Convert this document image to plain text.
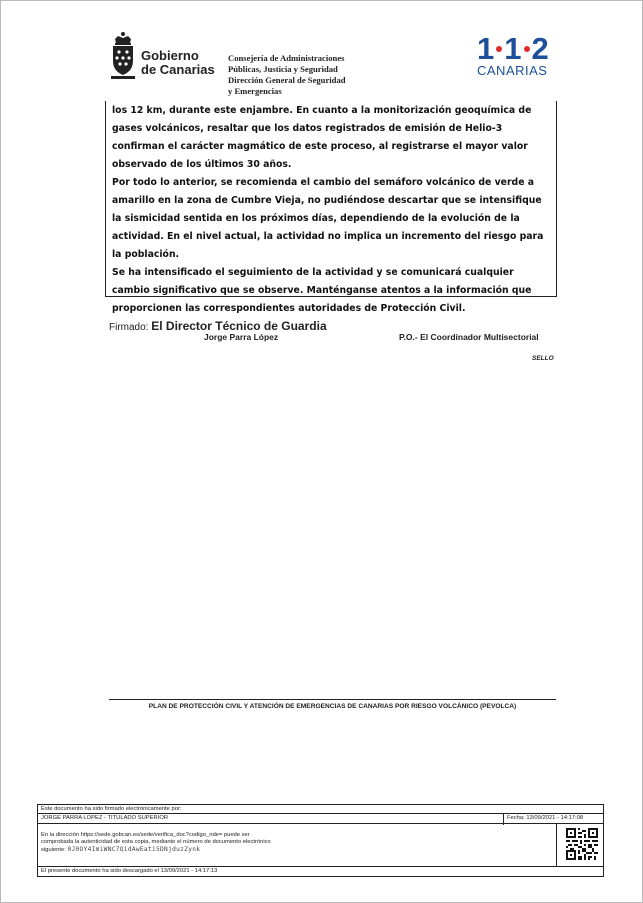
Gobierno
de Canarias
Consejería de Administraciones
Públicas, Justicia y Seguridad
Dirección General de Seguridad
y Emergencias
1 1 2
CANARIAS

los 12 km, durante este enjambre. En cuanto a la monitorización geoquímica de gases volcánicos, resaltar que los datos registrados de emisión de Helio-3 confirman el carácter magmático de este proceso, al registrarse el mayor valor observado de los últimos 30 años.

Por todo lo anterior, se recomienda el cambio del semáforo volcánico de verde a amarillo en la zona de Cumbre Vieja, no pudiéndose descartar que se intensifique la sismicidad sentida en los próximos días, dependiendo de la evolución de la actividad. En el nivel actual, la actividad no implica un incremento del riesgo para la población.

Se ha intensificado el seguimiento de la actividad y se comunicará cualquier cambio significativo que se observe. Manténganse atentos a la información que proporcionen las correspondientes autoridades de Protección Civil.

Firmado: El Director Técnico de Guardia
Jorge Parra López	P.O.- El Coordinador Multisectorial
SELLO
PLAN DE PROTECCIÓN CIVIL Y ATENCIÓN DE EMERGENCIAS DE CANARIAS POR RIESGO VOLCÁNICO (PEVOLCA)
Este documento ha sido firmado electrónicamente por:
JORGE PARRA LOPEZ - TITULADO SUPERIOR	Fecha: 13/09/2021 - 14:17:08
En la dirección https://sede.gobcan.es/sede/verifica_doc?codigo_nde= puede ser comprobada la autenticidad de esta copia, mediante el número de documento electrónico siguiente: 0J0OY4ImiWNC7QidAwEati5DNjduzZynk
El presente documento ha sido descargado el 13/09/2021 - 14:17:13
